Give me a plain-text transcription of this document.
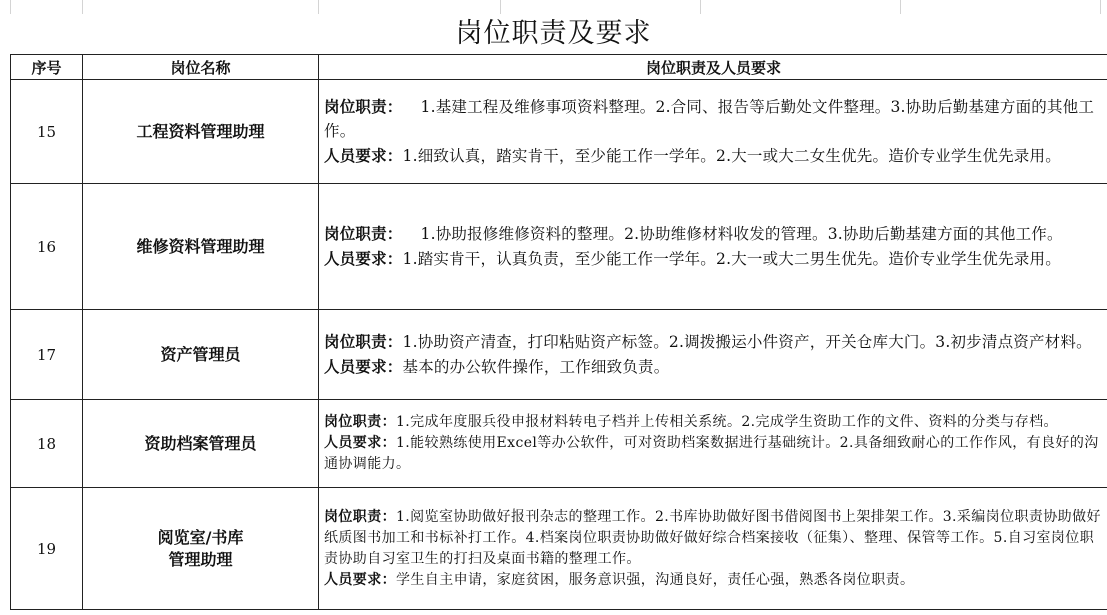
岗位职责及要求
序号	岗位名称	岗位职责及人员要求
15	工程资料管理助理	岗位职责： 1.基建工程及维修事项资料整理。2.合同、报告等后勤处文件整理。3.协助后勤基建方面的其他工作。
人员要求：1.细致认真，踏实肯干，至少能工作一学年。2.大一或大二女生优先。造价专业学生优先录用。
16	维修资料管理助理	岗位职责： 1.协助报修维修资料的整理。2.协助维修材料收发的管理。3.协助后勤基建方面的其他工作。
人员要求：1.踏实肯干，认真负责，至少能工作一学年。2.大一或大二男生优先。造价专业学生优先录用。
17	资产管理员	岗位职责：1.协助资产清查，打印粘贴资产标签。2.调拨搬运小件资产，开关仓库大门。3.初步清点资产材料。
人员要求：基本的办公软件操作，工作细致负责。
18	资助档案管理员	岗位职责：1.完成年度服兵役申报材料转电子档并上传相关系统。2.完成学生资助工作的文件、资料的分类与存档。
人员要求：1.能较熟练使用Excel等办公软件，可对资助档案数据进行基础统计。2.具备细致耐心的工作作风，有良好的沟通协调能力。
19	阅览室/书库
管理助理	岗位职责：1.阅览室协助做好报刊杂志的整理工作。2.书库协助做好图书借阅图书上架排架工作。3.采编岗位职责协助做好纸质图书加工和书标补打工作。4.档案岗位职责协助做好做好综合档案接收（征集）、整理、保管等工作。5.自习室岗位职责协助自习室卫生的打扫及桌面书籍的整理工作。
人员要求：学生自主申请，家庭贫困，服务意识强，沟通良好，责任心强，熟悉各岗位职责。
